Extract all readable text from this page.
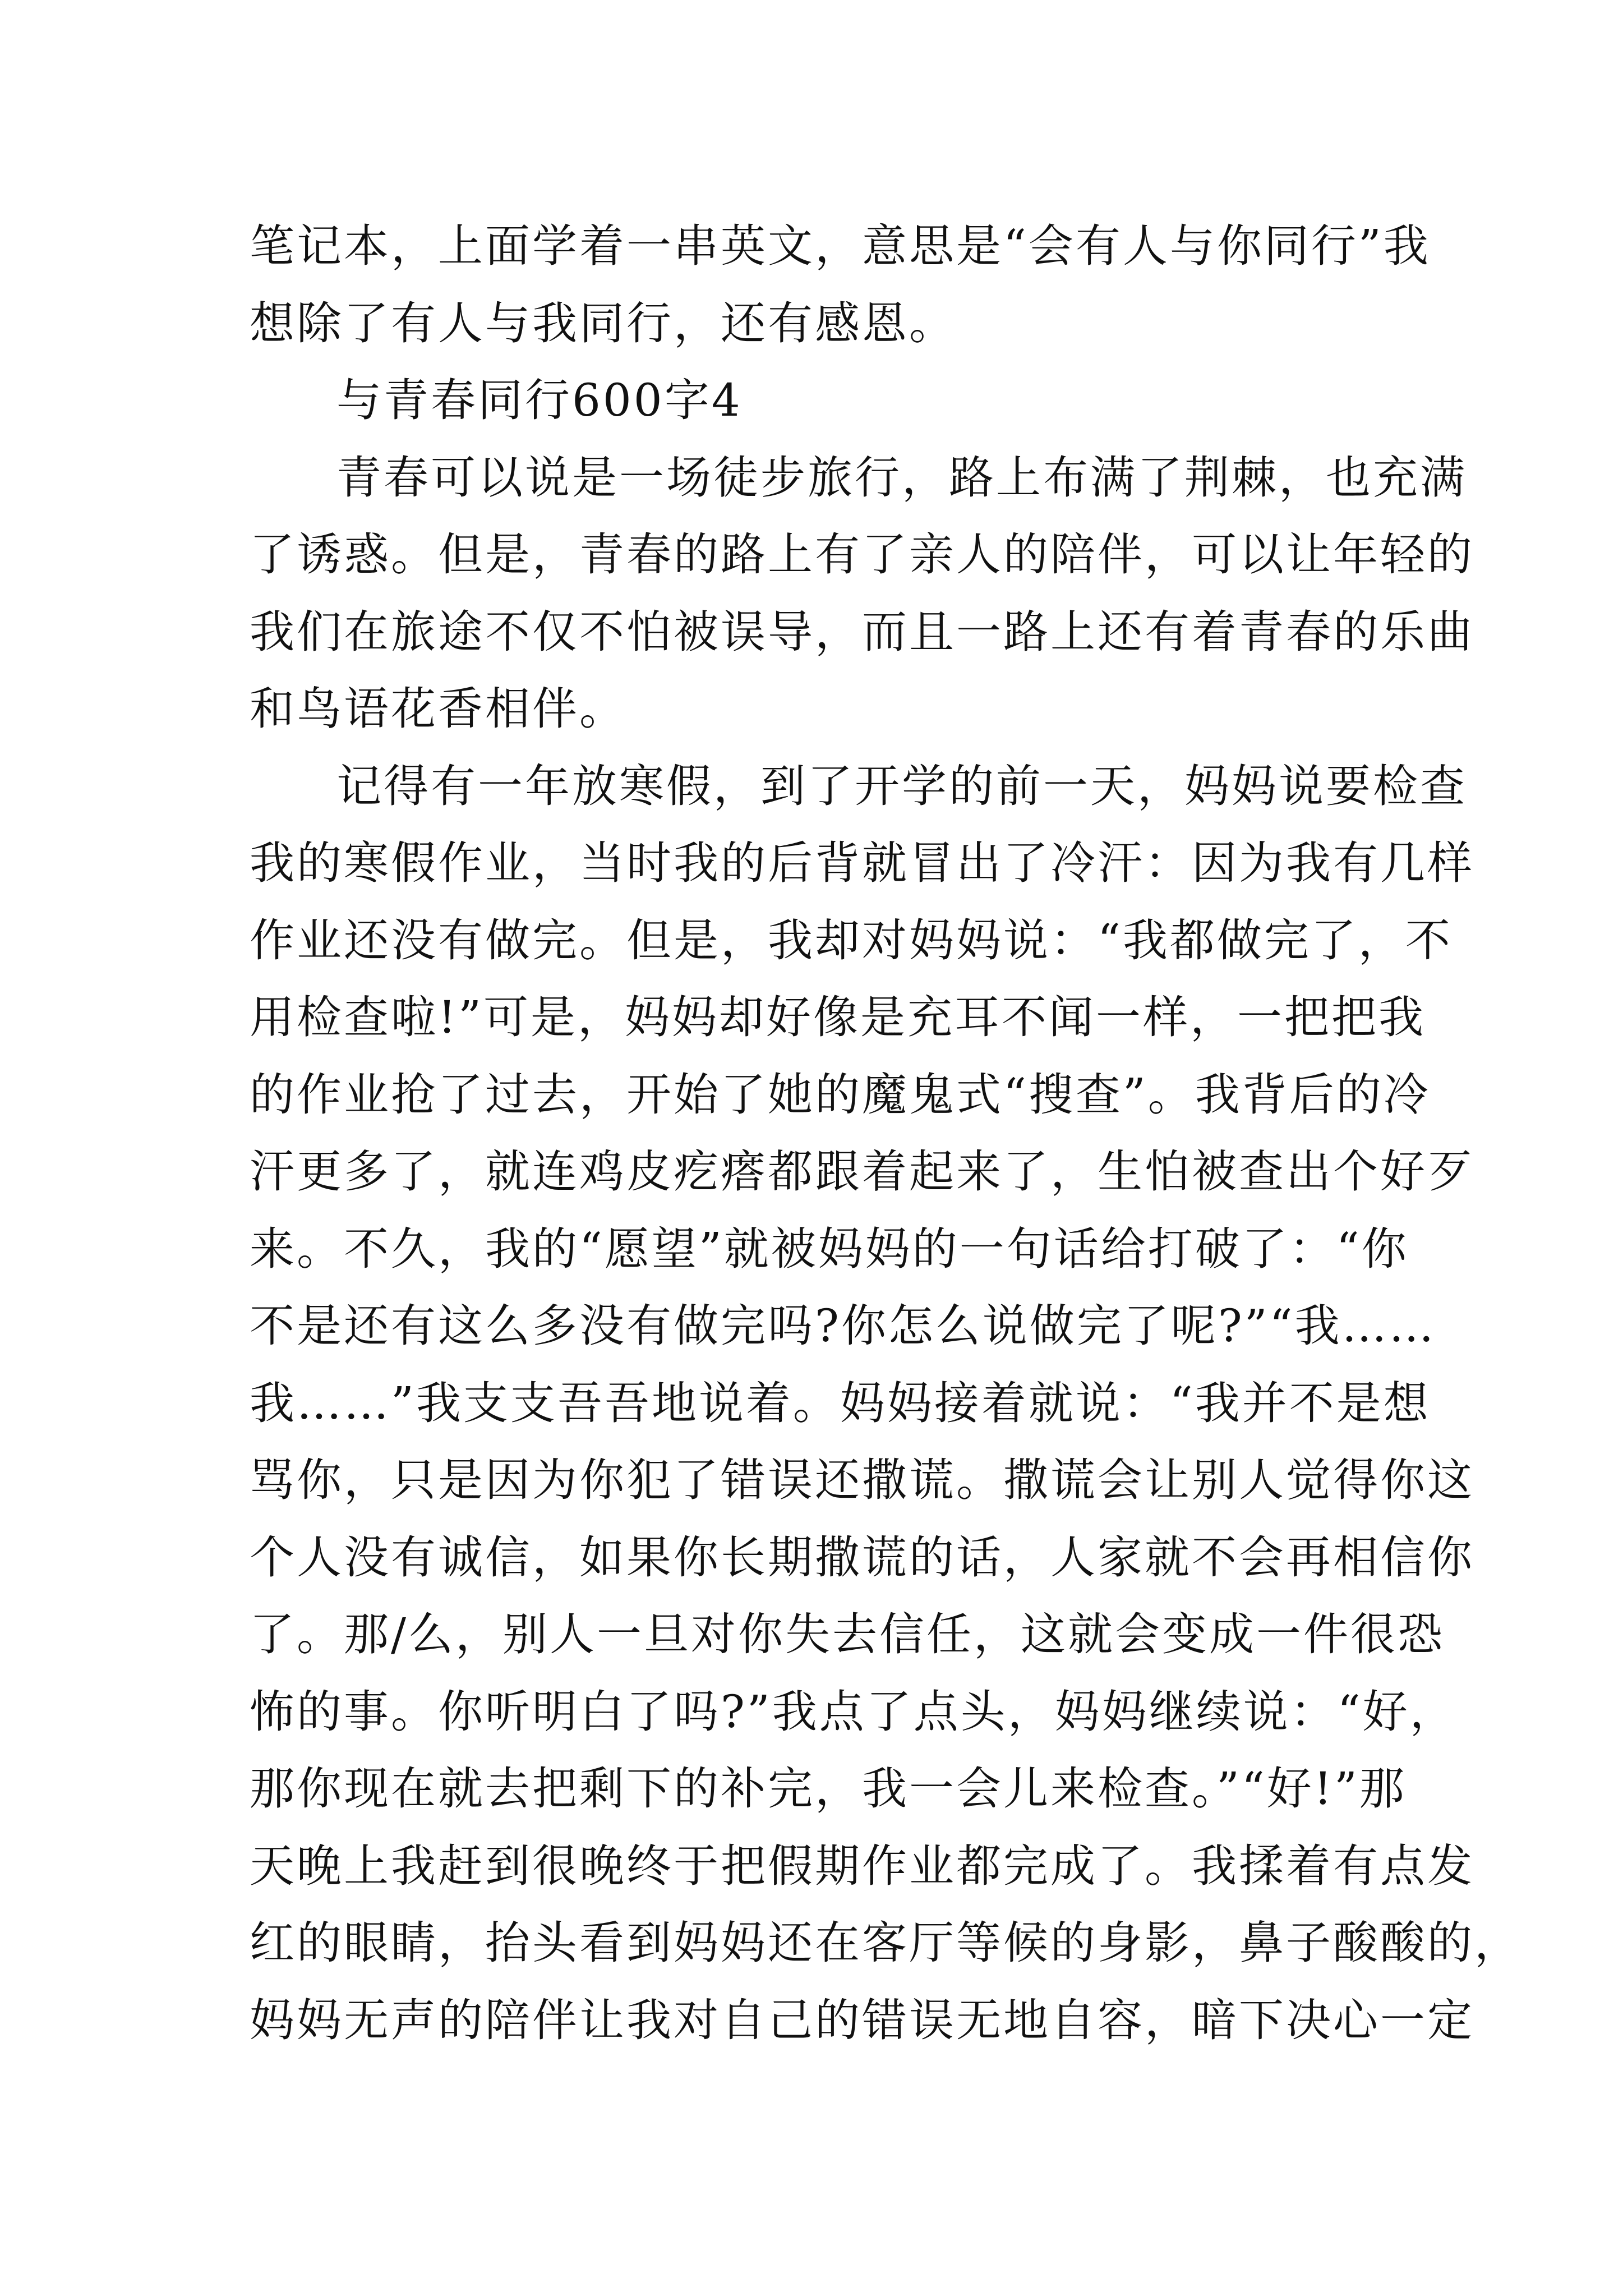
笔记本，上面学着一串英文，意思是“会有人与你同行”我
想除了有人与我同行，还有感恩。
与青春同行600字4
青春可以说是一场徒步旅行，路上布满了荆棘，也充满
了诱惑。但是，青春的路上有了亲人的陪伴，可以让年轻的
我们在旅途不仅不怕被误导，而且一路上还有着青春的乐曲
和鸟语花香相伴。
记得有一年放寒假，到了开学的前一天，妈妈说要检查
我的寒假作业，当时我的后背就冒出了冷汗：因为我有几样
作业还没有做完。但是，我却对妈妈说：“我都做完了，不
用检查啦!”可是，妈妈却好像是充耳不闻一样，一把把我
的作业抢了过去，开始了她的魔鬼式“搜查”。我背后的冷
汗更多了，就连鸡皮疙瘩都跟着起来了，生怕被查出个好歹
来。不久，我的“愿望”就被妈妈的一句话给打破了：“你
不是还有这么多没有做完吗?你怎么说做完了呢?”“我……
我……”我支支吾吾地说着。妈妈接着就说：“我并不是想
骂你，只是因为你犯了错误还撒谎。撒谎会让别人觉得你这
个人没有诚信，如果你长期撒谎的话，人家就不会再相信你
了。那/么，别人一旦对你失去信任，这就会变成一件很恐
怖的事。你听明白了吗?”我点了点头，妈妈继续说：“好，
那你现在就去把剩下的补完，我一会儿来检查。”“好!”那
天晚上我赶到很晚终于把假期作业都完成了。我揉着有点发
红的眼睛，抬头看到妈妈还在客厅等候的身影，鼻子酸酸的，
妈妈无声的陪伴让我对自己的错误无地自容，暗下决心一定
